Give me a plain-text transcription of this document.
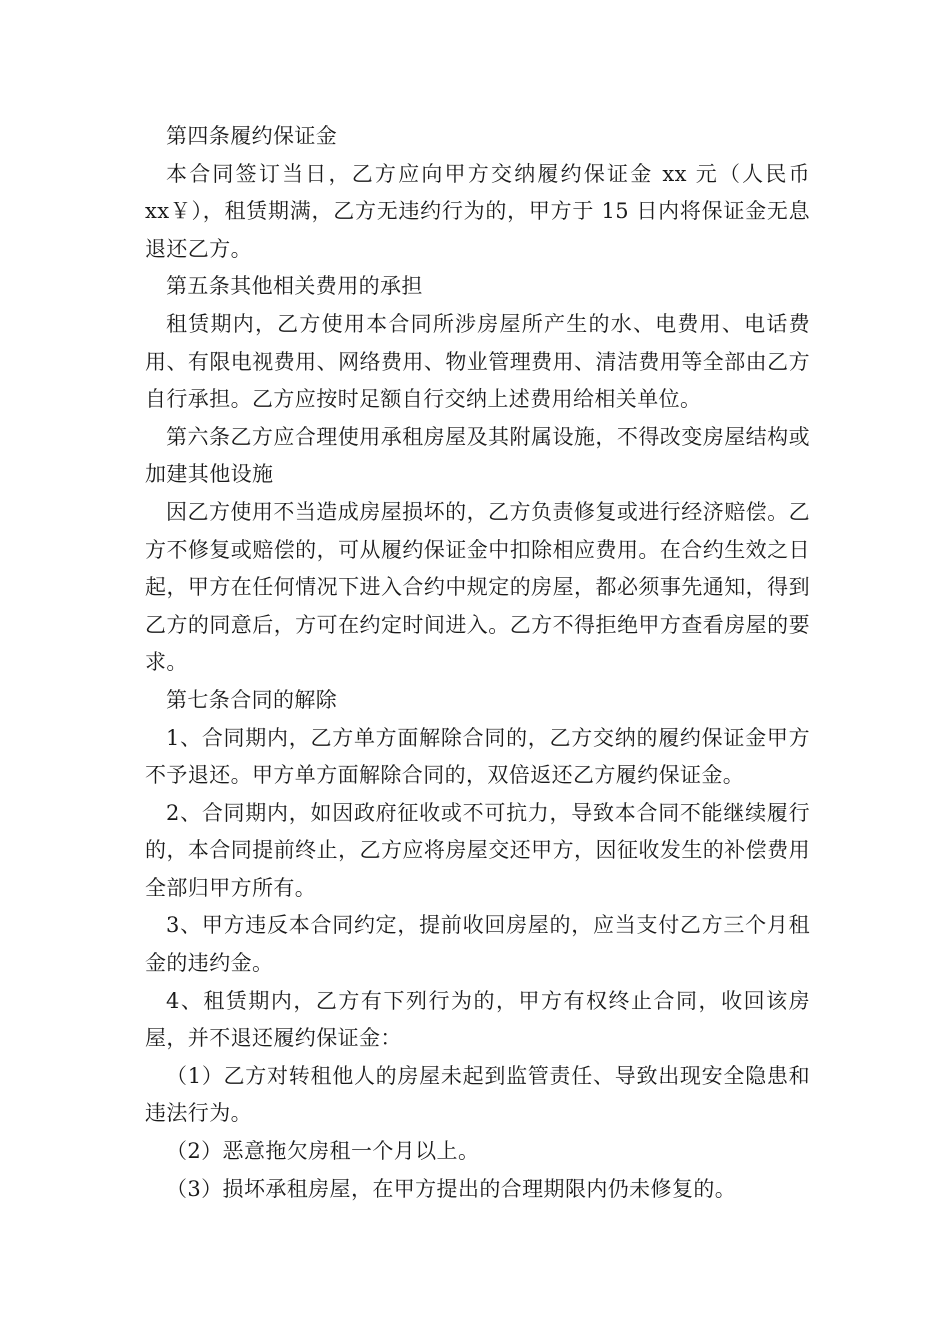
第四条履约保证金

本合同签订当日，乙方应向甲方交纳履约保证金 xx 元（人民币 xx￥），租赁期满，乙方无违约行为的，甲方于 15 日内将保证金无息退还乙方。

第五条其他相关费用的承担

租赁期内，乙方使用本合同所涉房屋所产生的水、电费用、电话费用、有限电视费用、网络费用、物业管理费用、清洁费用等全部由乙方自行承担。乙方应按时足额自行交纳上述费用给相关单位。

第六条乙方应合理使用承租房屋及其附属设施，不得改变房屋结构或加建其他设施

因乙方使用不当造成房屋损坏的，乙方负责修复或进行经济赔偿。乙方不修复或赔偿的，可从履约保证金中扣除相应费用。在合约生效之日起，甲方在任何情况下进入合约中规定的房屋，都必须事先通知，得到乙方的同意后，方可在约定时间进入。乙方不得拒绝甲方查看房屋的要求。

第七条合同的解除

1、合同期内，乙方单方面解除合同的，乙方交纳的履约保证金甲方不予退还。甲方单方面解除合同的，双倍返还乙方履约保证金。

2、合同期内，如因政府征收或不可抗力，导致本合同不能继续履行的，本合同提前终止，乙方应将房屋交还甲方，因征收发生的补偿费用全部归甲方所有。

3、甲方违反本合同约定，提前收回房屋的，应当支付乙方三个月租金的违约金。

4、租赁期内，乙方有下列行为的，甲方有权终止合同，收回该房屋，并不退还履约保证金：

（1）乙方对转租他人的房屋未起到监管责任、导致出现安全隐患和违法行为。

（2）恶意拖欠房租一个月以上。

（3）损坏承租房屋，在甲方提出的合理期限内仍未修复的。
